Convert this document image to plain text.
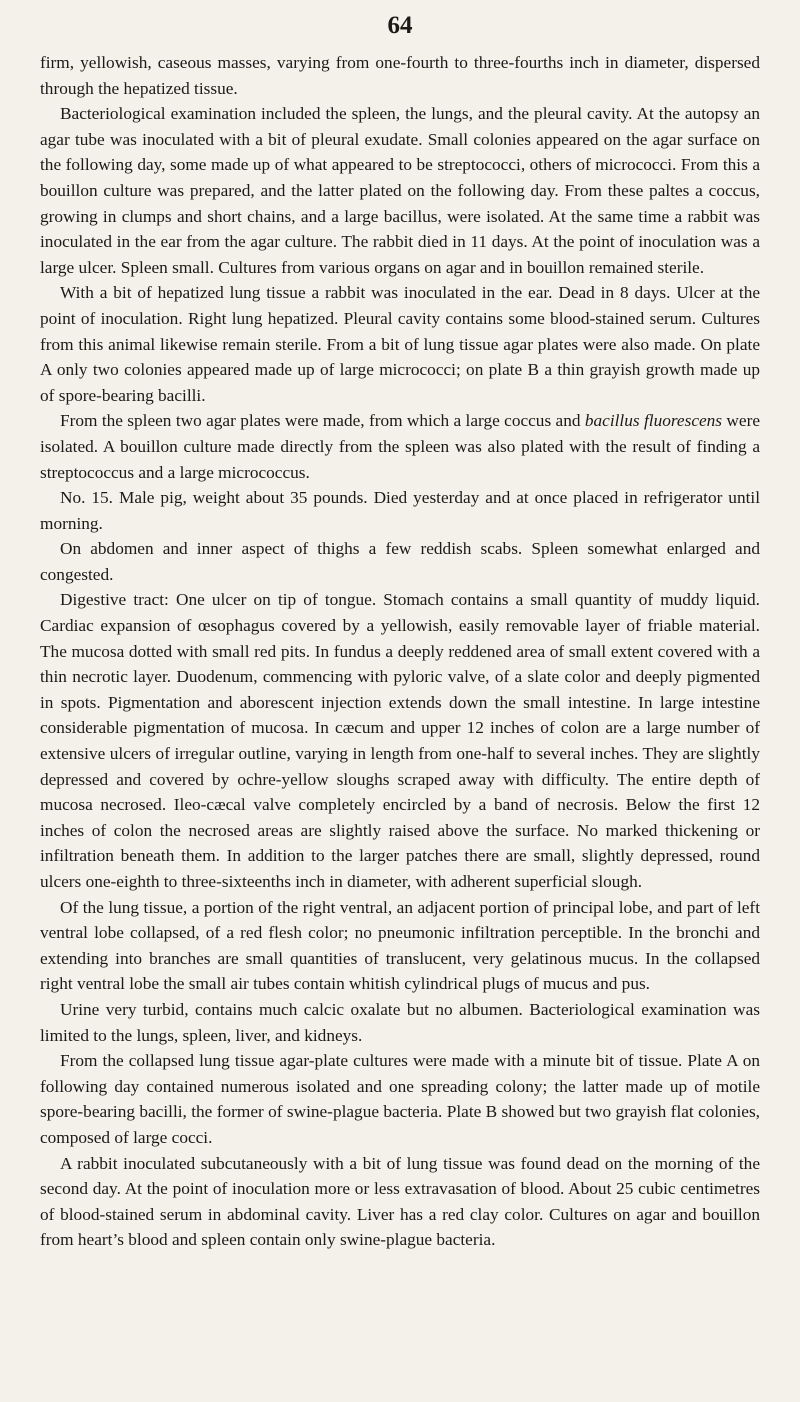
64

firm, yellowish, caseous masses, varying from one-fourth to three-fourths inch in diameter, dispersed through the hepatized tissue.

Bacteriological examination included the spleen, the lungs, and the pleural cavity. At the autopsy an agar tube was inoculated with a bit of pleural exudate. Small colonies appeared on the agar surface on the following day, some made up of what appeared to be streptococci, others of micrococci. From this a bouillon culture was prepared, and the latter plated on the following day. From these paltes a coccus, growing in clumps and short chains, and a large bacillus, were isolated. At the same time a rabbit was inoculated in the ear from the agar culture. The rabbit died in 11 days. At the point of inoculation was a large ulcer. Spleen small. Cultures from various organs on agar and in bouillon remained sterile.

With a bit of hepatized lung tissue a rabbit was inoculated in the ear. Dead in 8 days. Ulcer at the point of inoculation. Right lung hepatized. Pleural cavity contains some blood-stained serum. Cultures from this animal likewise remain sterile. From a bit of lung tissue agar plates were also made. On plate A only two colonies appeared made up of large micrococci; on plate B a thin grayish growth made up of spore-bearing bacilli.

From the spleen two agar plates were made, from which a large coccus and bacillus fluorescens were isolated. A bouillon culture made directly from the spleen was also plated with the result of finding a streptococcus and a large micrococcus.

No. 15. Male pig, weight about 35 pounds. Died yesterday and at once placed in refrigerator until morning.

On abdomen and inner aspect of thighs a few reddish scabs. Spleen somewhat enlarged and congested.

Digestive tract: One ulcer on tip of tongue. Stomach contains a small quantity of muddy liquid. Cardiac expansion of œsophagus covered by a yellowish, easily removable layer of friable material. The mucosa dotted with small red pits. In fundus a deeply reddened area of small extent covered with a thin necrotic layer. Duodenum, commencing with pyloric valve, of a slate color and deeply pigmented in spots. Pigmentation and aborescent injection extends down the small intestine. In large intestine considerable pigmentation of mucosa. In cæcum and upper 12 inches of colon are a large number of extensive ulcers of irregular outline, varying in length from one-half to several inches. They are slightly depressed and covered by ochre-yellow sloughs scraped away with difficulty. The entire depth of mucosa necrosed. Ileo-cæcal valve completely encircled by a band of necrosis. Below the first 12 inches of colon the necrosed areas are slightly raised above the surface. No marked thickening or infiltration beneath them. In addition to the larger patches there are small, slightly depressed, round ulcers one-eighth to three-sixteenths inch in diameter, with adherent superficial slough.

Of the lung tissue, a portion of the right ventral, an adjacent portion of principal lobe, and part of left ventral lobe collapsed, of a red flesh color; no pneumonic infiltration perceptible. In the bronchi and extending into branches are small quantities of translucent, very gelatinous mucus. In the collapsed right ventral lobe the small air tubes contain whitish cylindrical plugs of mucus and pus.

Urine very turbid, contains much calcic oxalate but no albumen. Bacteriological examination was limited to the lungs, spleen, liver, and kidneys.

From the collapsed lung tissue agar-plate cultures were made with a minute bit of tissue. Plate A on following day contained numerous isolated and one spreading colony; the latter made up of motile spore-bearing bacilli, the former of swine-plague bacteria. Plate B showed but two grayish flat colonies, composed of large cocci.

A rabbit inoculated subcutaneously with a bit of lung tissue was found dead on the morning of the second day. At the point of inoculation more or less extravasation of blood. About 25 cubic centimetres of blood-stained serum in abdominal cavity. Liver has a red clay color. Cultures on agar and bouillon from heart’s blood and spleen contain only swine-plague bacteria.
